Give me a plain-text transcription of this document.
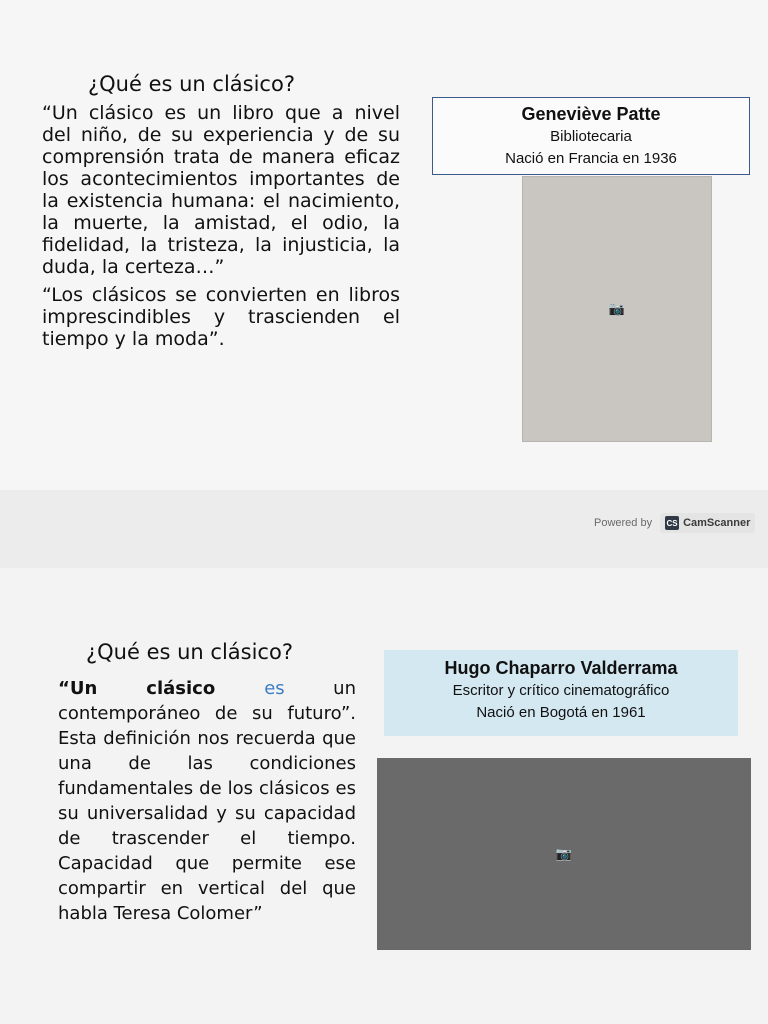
¿Qué es un clásico?

“Un clásico es un libro que a nivel del niño, de su experiencia y de su comprensión trata de manera eficaz los acontecimientos importantes de la existencia humana: el nacimiento, la muerte, la amistad, el odio, la fidelidad, la tristeza, la injusticia, la duda, la certeza…”

“Los clásicos se convierten en libros imprescindibles y trascienden el tiempo y la moda”.

Geneviève Patte
Bibliotecaria
Nació en Francia en 1936
📷
Powered by CS CamScanner
¿Qué es un clásico?

“Un clásico es un contemporáneo de su futuro”. Esta definición nos recuerda que una de las condiciones fundamentales de los clásicos es su universalidad y su capacidad de trascender el tiempo. Capacidad que permite ese compartir en vertical del que habla Teresa Colomer”

Hugo Chaparro Valderrama
Escritor y crítico cinematográfico
Nació en Bogotá en 1961
📷
